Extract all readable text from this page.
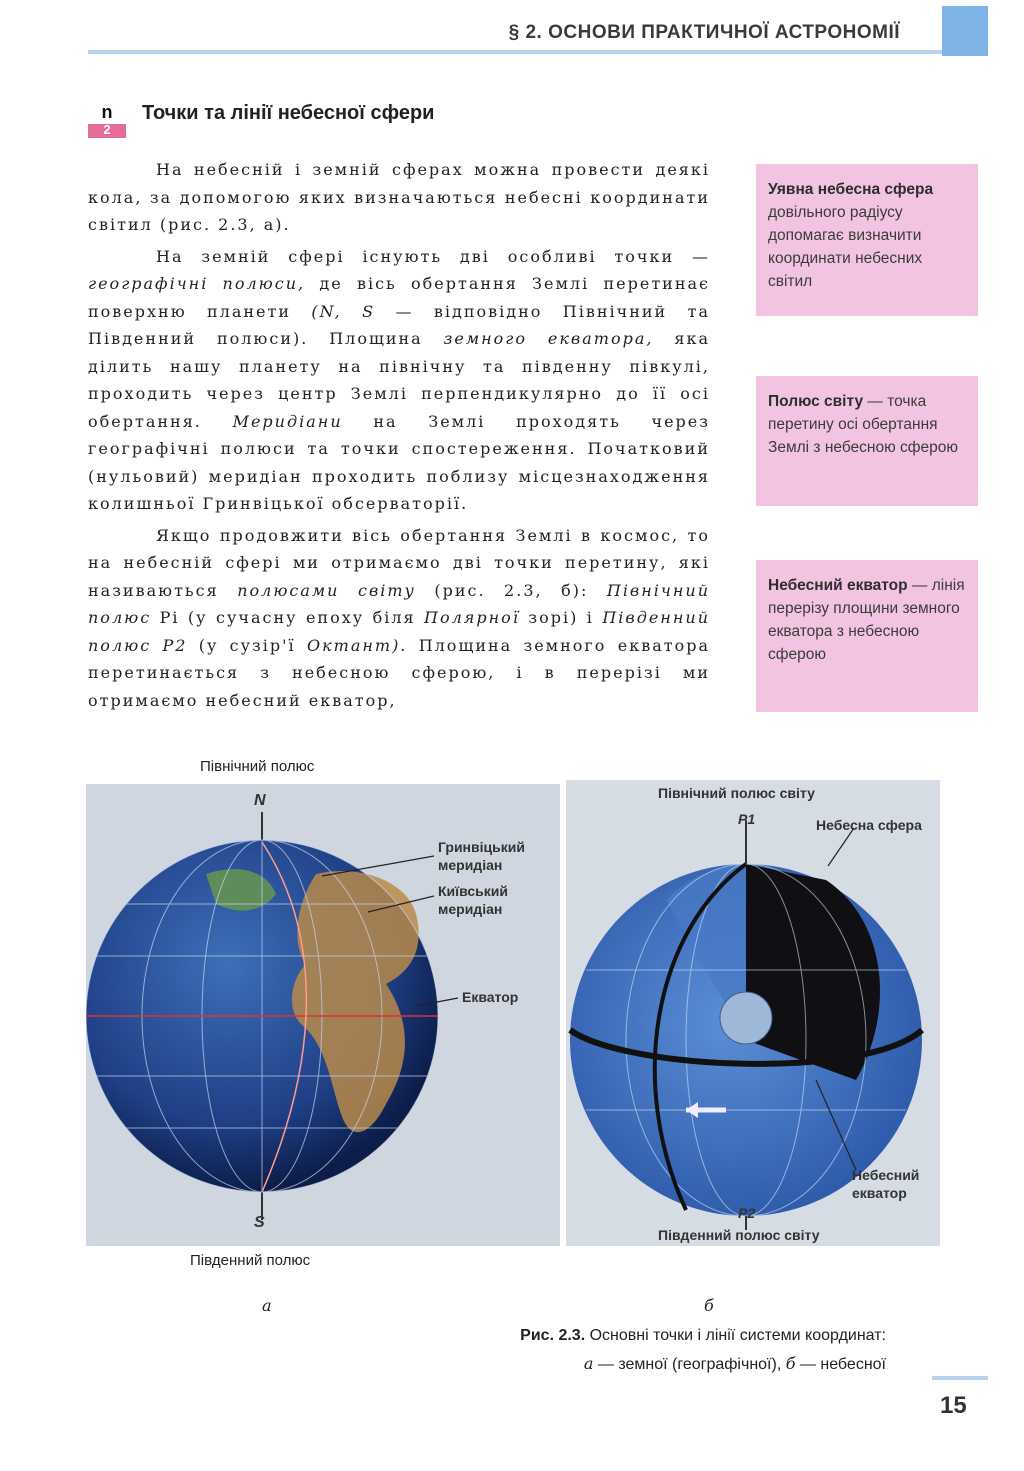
§ 2. ОСНОВИ ПРАКТИЧНОЇ АСТРОНОМІЇ
n
2
Точки та лінії небесної сфери

На небесній і земній сферах можна провести деякі кола, за допомогою яких визначаються небесні координати світил (рис. 2.3, а).

На земній сфері існують дві особливі точки — географічні полюси, де вісь обертання Землі перетинає поверхню планети (N, S — відповідно Північний та Південний полюси). Площина земного екватора, яка ділить нашу планету на північну та південну півкулі, проходить через центр Землі перпендикулярно до її осі обертання. Меридіани на Землі проходять через географічні полюси та точки спостереження. Початковий (нульовий) меридіан проходить поблизу місцезнаходження колишньої Гринвіцької обсерваторії.

Якщо продовжити вісь обертання Землі в космос, то на небесній сфері ми отримаємо дві точки перетину, які називаються полюсами світу (рис. 2.3, б): Північний полюс Рі (у сучасну епоху біля Полярної зорі) і Південний полюс P2 (у сузір'ї Октант). Площина земного екватора перетинається з небесною сферою, і в перерізі ми отримаємо небесний екватор,

Уявна небесна сфера довільного радіусу допомагає визначити координати небесних світил
Полюс світу — точка перетину осі обертання Землі з небесною сферою
Небесний екватор — лінія перерізу площини земного екватора з небесною сферою
Північний полюс
N
S
Гринвіцький
меридіан
Київський
меридіан
Екватор
Південний полюс
Північний полюс світу
P1	Небесна сфера
Небесний
екватор
P2
Південний полюс світу
а	б
Рис. 2.3. Основні точки і лінії системи координат:
а — земної (географічної), б — небесної
15
